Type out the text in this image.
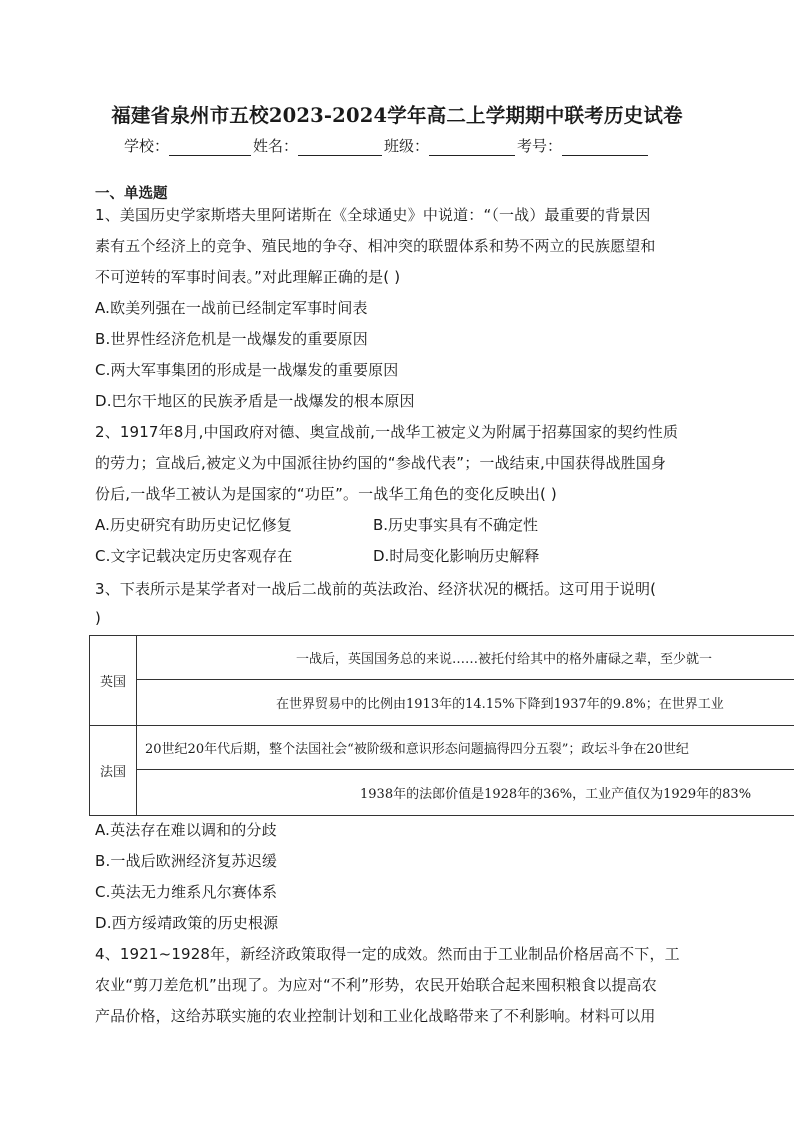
福建省泉州市五校2023-2024学年高二上学期期中联考历史试卷
学校：	姓名：	班级：	考号：
一、单选题
1、美国历史学家斯塔夫里阿诺斯在《全球通史》中说道：“（一战）最重要的背景因
素有五个经济上的竞争、殖民地的争夺、相冲突的联盟体系和势不两立的民族愿望和
不可逆转的军事时间表。”对此理解正确的是( )
A.欧美列强在一战前已经制定军事时间表
B.世界性经济危机是一战爆发的重要原因
C.两大军事集团的形成是一战爆发的重要原因
D.巴尔干地区的民族矛盾是一战爆发的根本原因
2、1917年8月,中国政府对德、奥宣战前,一战华工被定义为附属于招募国家的契约性质
的劳力；宣战后,被定义为中国派往协约国的“参战代表”；一战结束,中国获得战胜国身
份后,一战华工被认为是国家的“功臣”。一战华工角色的变化反映出( )
A.历史研究有助历史记忆修复	B.历史事实具有不确定性
C.文字记载决定历史客观存在	D.时局变化影响历史解释
3、下表所示是某学者对一战后二战前的英法政治、经济状况的概括。这可用于说明(
)
英国	一战后，英国国务总的来说……被托付给其中的格外庸碌之辈，至少就一

	在世界贸易中的比例由1913年的14.15%下降到1937年的9.8%；在世界工业

法国	20世纪20年代后期，整个法国社会“被阶级和意识形态问题搞得四分五裂”；政坛斗争在20世纪

	1938年的法郎价值是1928年的36%，工业产值仅为1929年的83%
A.英法存在难以调和的分歧
B.一战后欧洲经济复苏迟缓
C.英法无力维系凡尔赛体系
D.西方绥靖政策的历史根源
4、1921~1928年，新经济政策取得一定的成效。然而由于工业制品价格居高不下，工
农业“剪刀差危机”出现了。为应对“不利”形势，农民开始联合起来囤积粮食以提高农
产品价格，这给苏联实施的农业控制计划和工业化战略带来了不利影响。材料可以用
